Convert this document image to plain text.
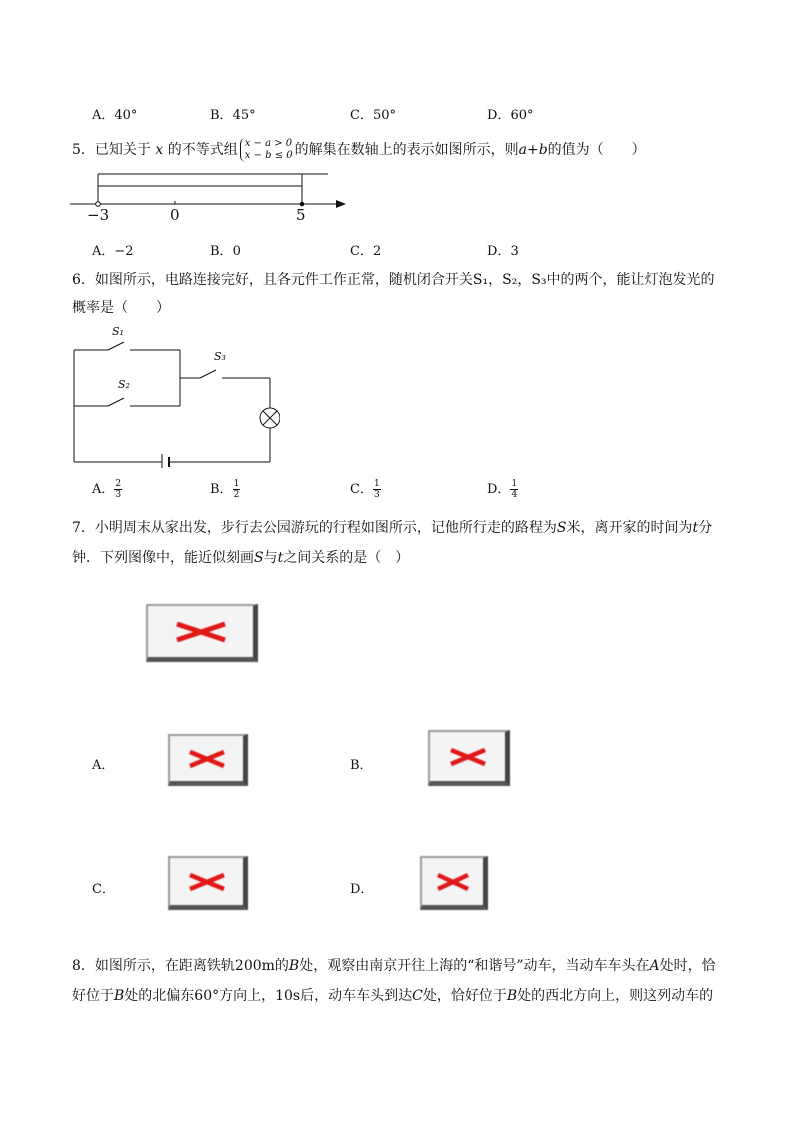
A．40°	B．45°	C．50°	D．60°
5．已知关于 x 的不等式组 x − a > 0
x − b ≤ 0 的解集在数轴上的表示如图所示，则a+b的值为（　　）
−3	0	5
A．−2	B．0	C．2	D．3
6．如图所示，电路连接完好，且各元件工作正常，随机闭合开关S₁，S₂，S₃中的两个，能让灯泡发光的
概率是（　　）
S₁
S₂
S₃
A． $\frac{2}{3}$	B． $\frac{1}{2}$	C． $\frac{1}{3}$	D． $\frac{1}{4}$
7．小明周末从家出发，步行去公园游玩的行程如图所示，记他所行走的路程为S米，离开家的时间为t分
钟．下列图像中，能近似刻画S与t之间关系的是（　）
A．	B．
C．	D．
8．如图所示，在距离铁轨200m的B处，观察由南京开往上海的“和谐号”动车，当动车车头在A处时，恰
好位于B处的北偏东60°方向上，10s后，动车车头到达C处，恰好位于B处的西北方向上，则这列动车的
